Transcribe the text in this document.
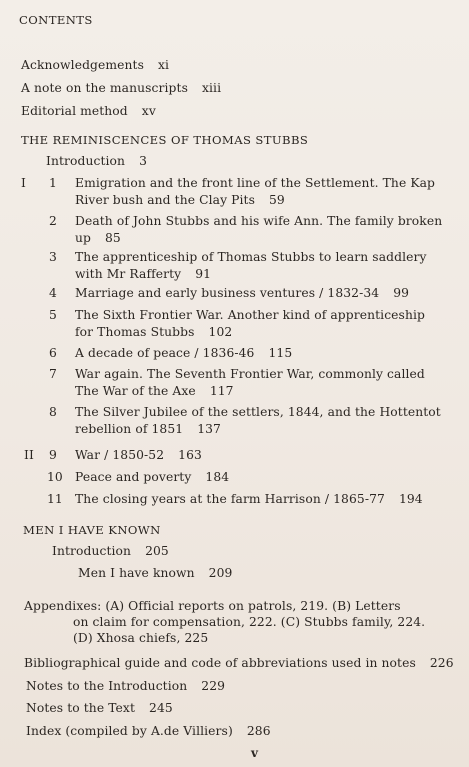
CONTENTS
Acknowledgements xi
A note on the manuscripts xiii
Editorial method xv
THE REMINISCENCES OF THOMAS STUBBS
Introduction 3
I 1 Emigration and the front line of the Settlement. The Kap
River bush and the Clay Pits 59
2 Death of John Stubbs and his wife Ann. The family broken
up 85
3 The apprenticeship of Thomas Stubbs to learn saddlery
with Mr Rafferty 91
4 Marriage and early business ventures / 1832-34 99
5 The Sixth Frontier War. Another kind of apprenticeship
for Thomas Stubbs 102
6 A decade of peace / 1836-46 115
7 War again. The Seventh Frontier War, commonly called
The War of the Axe 117
8 The Silver Jubilee of the settlers, 1844, and the Hottentot
rebellion of 1851 137
II 9 War / 1850-52 163
10 Peace and poverty 184
11 The closing years at the farm Harrison / 1865-77 194
MEN I HAVE KNOWN
Introduction 205
Men I have known 209
Appendixes: (A) Official reports on patrols, 219. (B) Letters
on claim for compensation, 222. (C) Stubbs family, 224.
(D) Xhosa chiefs, 225
Bibliographical guide and code of abbreviations used in notes 226
Notes to the Introduction 229
Notes to the Text 245
Index (compiled by A.de Villiers) 286
v
